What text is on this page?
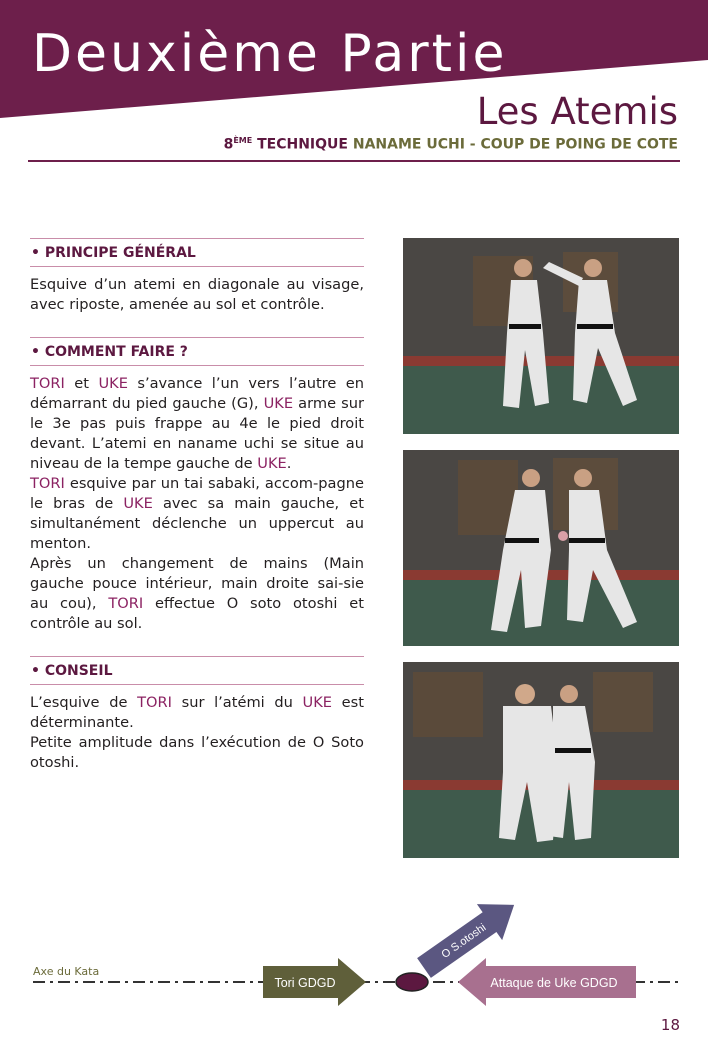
Deuxième Partie
Les Atemis
8ÈME TECHNIQUE NANAME UCHI - COUP DE POING DE COTE
• PRINCIPE GÉNÉRAL

Esquive d’un atemi en diagonale au visage, avec riposte, amenée au sol et contrôle.

• COMMENT FAIRE ?

TORI et UKE s’avance l’un vers l’autre en démarrant du pied gauche (G), UKE arme sur le 3e pas puis frappe au 4e le pied droit devant. L’atemi en naname uchi se situe au niveau de la tempe gauche de UKE.

TORI esquive par un tai sabaki, accom-pagne le bras de UKE avec sa main gauche, et simultanément déclenche un uppercut au menton.

Après un changement de mains (Main gauche pouce intérieur, main droite sai-sie au cou), TORI effectue O soto otoshi et contrôle au sol.

• CONSEIL

L’esquive de TORI sur l’atémi du UKE est déterminante.

Petite amplitude dans l’exécution de O Soto otoshi.

Tori GDGD	Attaque de Uke GDGD
O S.otoshi
Axe du Kata
18
